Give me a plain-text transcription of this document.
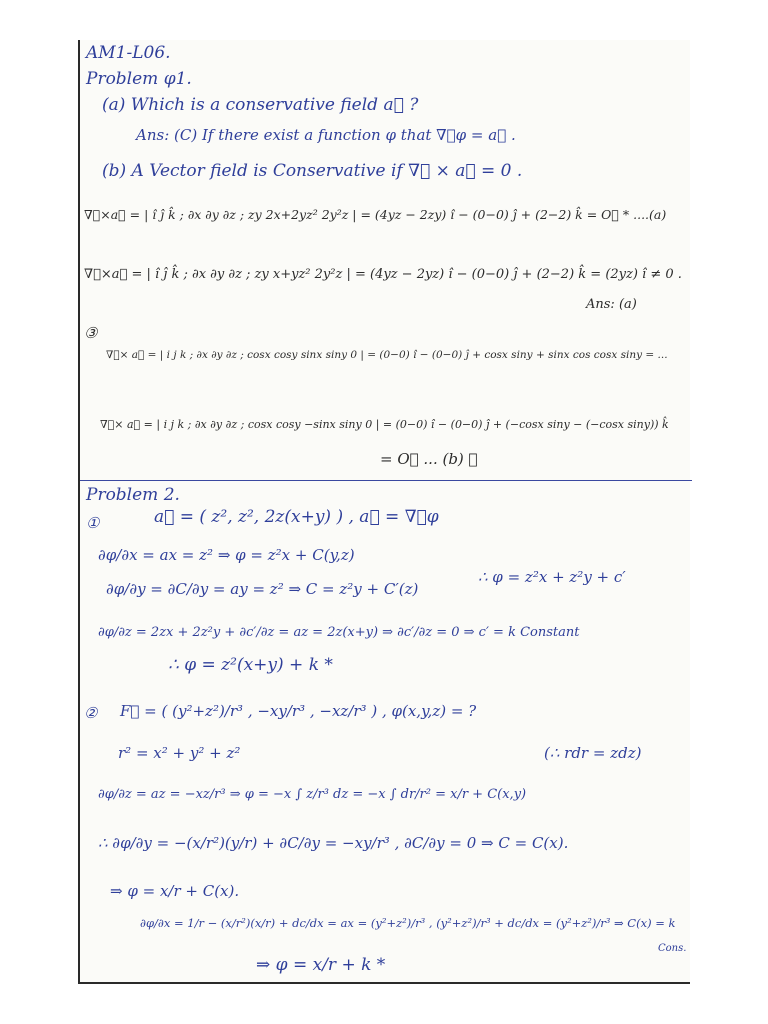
AM1-L06.
Problem φ1.
(a) Which is a conservative field a⃗ ?
Ans: (C) If there exist a function φ that ∇⃗φ = a⃗ .
(b) A Vector field is Conservative if ∇⃗ × a⃗ = 0 .
∇⃗×a⃗ = | î ĵ k̂ ; ∂x ∂y ∂z ; zy 2x+2yz² 2y²z | = (4yz − 2zy) î − (0−0) ĵ + (2−2) k̂ = O⃗ * ....(a)
∇⃗×a⃗ = | î ĵ k̂ ; ∂x ∂y ∂z ; zy x+yz² 2y²z | = (4yz − 2yz) î − (0−0) ĵ + (2−2) k̂ = (2yz) î ≠ 0 .
Ans: (a)
③
∇⃗× a⃗ = | i j k ; ∂x ∂y ∂z ; cosx cosy sinx siny 0 | = (0−0) î − (0−0) ĵ + cosx siny + sinx cos cosx siny = ...
∇⃗× a⃗ = | i j k ; ∂x ∂y ∂z ; cosx cosy −sinx siny 0 | = (0−0) î − (0−0) ĵ + (−cosx siny − (−cosx siny)) k̂
= O⃗ ... (b) ✓
Problem 2.
①	a⃗ = ( z², z², 2z(x+y) ) , a⃗ = ∇⃗φ
∂φ/∂x = ax = z² ⇒ φ = z²x + C(y,z)
∂φ/∂y = ∂C/∂y = ay = z² ⇒ C = z²y + C′(z)
∴ φ = z²x + z²y + c′
∂φ/∂z = 2zx + 2z²y + ∂c′/∂z = az = 2z(x+y) ⇒ ∂c′/∂z = 0 ⇒ c′ = k Constant
∴ φ = z²(x+y) + k *
② F⃗ = ( (y²+z²)/r³ , −xy/r³ , −xz/r³ ) , φ(x,y,z) = ?
r² = x² + y² + z²	(∴ rdr = zdz)
∂φ/∂z = az = −xz/r³ ⇒ φ = −x ∫ z/r³ dz = −x ∫ dr/r² = x/r + C(x,y)
∴ ∂φ/∂y = −(x/r²)(y/r) + ∂C/∂y = −xy/r³ , ∂C/∂y = 0 ⇒ C = C(x).
⇒ φ = x/r + C(x).
∂φ/∂x = 1/r − (x/r²)(x/r) + dc/dx = ax = (y²+z²)/r³ , (y²+z²)/r³ + dc/dx = (y²+z²)/r³ ⇒ C(x) = k
Cons.
⇒ φ = x/r + k *
